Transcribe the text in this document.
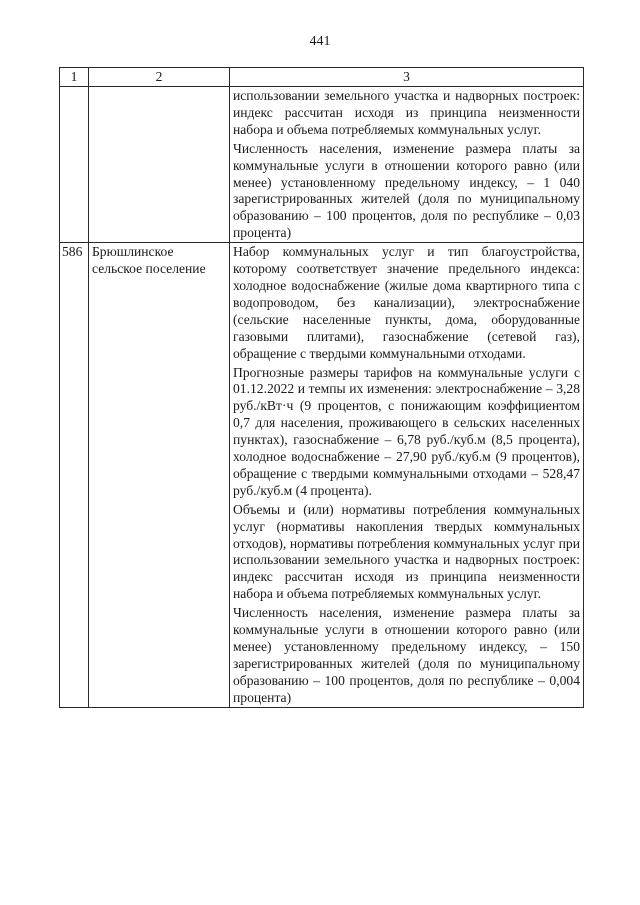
441
1	2	3

		использовании земельного участка и надворных построек: индекс рассчитан исходя из принципа неизменности набора и объема потребляемых коммунальных услуг.

Численность населения, изменение размера платы за коммунальные услуги в отношении которого равно (или менее) установленному предельному индексу, – 1 040 зарегистрированных жителей (доля по муниципальному образованию – 100 процентов, доля по республике – 0,03 процента)

586	Брюшлинское сельское поселение	Набор коммунальных услуг и тип благоустройства, которому соответствует значение предельного индекса: холодное водоснабжение (жилые дома квартирного типа с водопроводом, без канализации), электроснабжение (сельские населенные пункты, дома, оборудованные газовыми плитами), газоснабжение (сетевой газ), обращение с твердыми коммунальными отходами.

Прогнозные размеры тарифов на коммунальные услуги с 01.12.2022 и темпы их изменения: электроснабжение – 3,28 руб./кВт·ч (9 процентов, с понижающим коэффициентом 0,7 для населения, проживающего в сельских населенных пунктах), газоснабжение – 6,78 руб./куб.м (8,5 процента), холодное водоснабжение – 27,90 руб./куб.м (9 процентов), обращение с твердыми коммунальными отходами – 528,47 руб./куб.м (4 процента).

Объемы и (или) нормативы потребления коммунальных услуг (нормативы накопления твердых коммунальных отходов), нормативы потребления коммунальных услуг при использовании земельного участка и надворных построек: индекс рассчитан исходя из принципа неизменности набора и объема потребляемых коммунальных услуг.

Численность населения, изменение размера платы за коммунальные услуги в отношении которого равно (или менее) установленному предельному индексу, – 150 зарегистрированных жителей (доля по муниципальному образованию – 100 процентов, доля по республике – 0,004 процента)
